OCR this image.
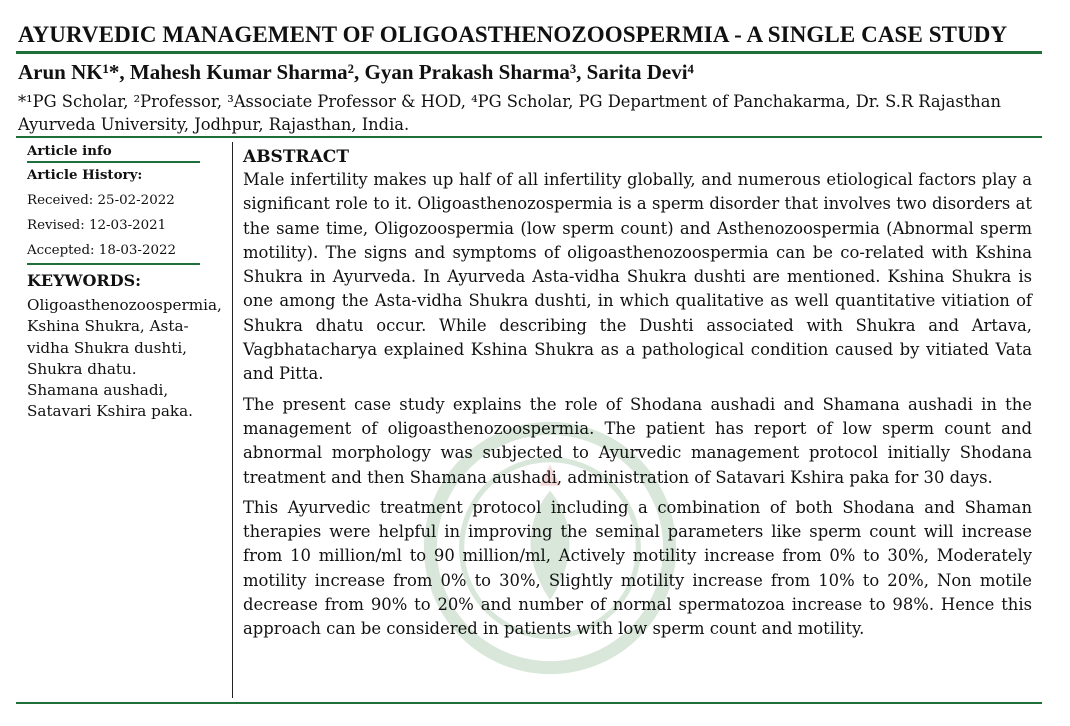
AYURVEDIC MANAGEMENT OF OLIGOASTHENOZOOSPERMIA - A SINGLE CASE STUDY
Arun NK¹*, Mahesh Kumar Sharma², Gyan Prakash Sharma³, Sarita Devi⁴
*¹PG Scholar, ²Professor, ³Associate Professor & HOD, ⁴PG Scholar, PG Department of Panchakarma, Dr. S.R Rajasthan Ayurveda University, Jodhpur, Rajasthan, India.
Article info
Article History:
Received: 25-02-2022
Revised: 12-03-2021
Accepted: 18-03-2022
KEYWORDS:
Oligoasthenozoospermia, Kshina Shukra, Asta-vidha Shukra dushti, Shukra dhatu. Shamana aushadi, Satavari Kshira paka.
ABSTRACT

Male infertility makes up half of all infertility globally, and numerous etiological factors play a significant role to it. Oligoasthenozospermia is a sperm disorder that involves two disorders at the same time, Oligozoospermia (low sperm count) and Asthenozoospermia (Abnormal sperm motility). The signs and symptoms of oligoasthenozoospermia can be co-related with Kshina Shukra in Ayurveda. In Ayurveda Asta-vidha Shukra dushti are mentioned. Kshina Shukra is one among the Asta-vidha Shukra dushti, in which qualitative as well quantitative vitiation of Shukra dhatu occur. While describing the Dushti associated with Shukra and Artava, Vagbhatacharya explained Kshina Shukra as a pathological condition caused by vitiated Vata and Pitta.

The present case study explains the role of Shodana aushadi and Shamana aushadi in the management of oligoasthenozoospermia. The patient has report of low sperm count and abnormal morphology was subjected to Ayurvedic management protocol initially Shodana treatment and then Shamana aushadi, administration of Satavari Kshira paka for 30 days.

This Ayurvedic treatment protocol including a combination of both Shodana and Shaman therapies were helpful in improving the seminal parameters like sperm count will increase from 10 million/ml to 90 million/ml, Actively motility increase from 0% to 30%, Moderately motility increase from 0% to 30%, Slightly motility increase from 10% to 20%, Non motile decrease from 90% to 20% and number of normal spermatozoa increase to 98%. Hence this approach can be considered in patients with low sperm count and motility.
